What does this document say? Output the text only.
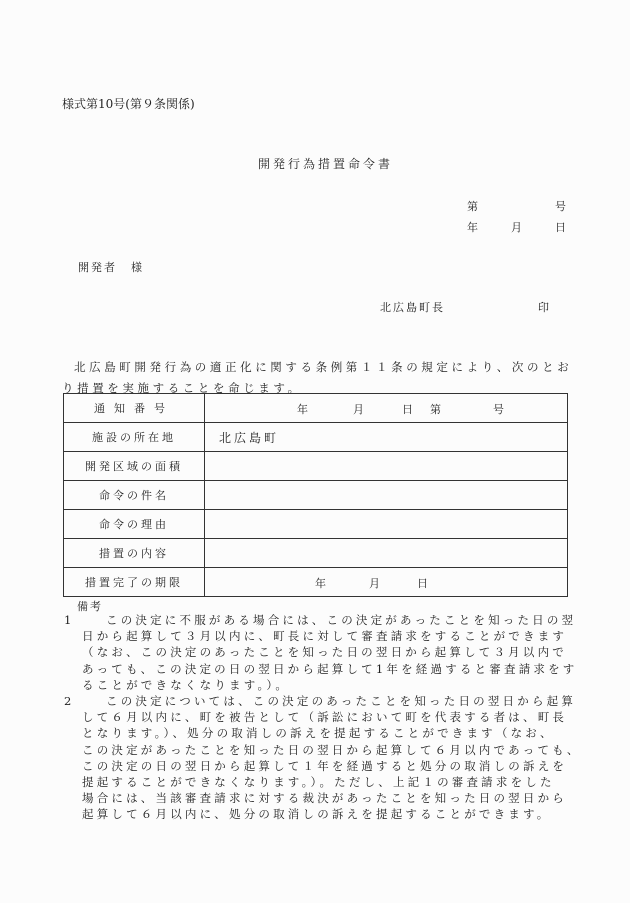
様式第10号(第９条関係)
開発行為措置命令書
第	号
年	月	日
開発者 様
北広島町長	印
北広島町開発行為の適正化に関する条例第１１条の規定により、次のとおり措置を実施することを命じます。
通知番号	年 月 日 第 号

施設の所在地	北広島町
開発区域の面積	
命令の件名	
命令の理由	
措置の内容	
措置完了の期限	年 月 日
備考
1	この決定に不服がある場合には、この決定があったことを知った日の翌
日から起算して３月以内に、町長に対して審査請求をすることができます
（なお、この決定のあったことを知った日の翌日から起算して３月以内で
あっても、この決定の日の翌日から起算して1年を経過すると審査請求をす
ることができなくなります。）。
2	この決定については、この決定のあったことを知った日の翌日から起算
して６月以内に、町を被告として（訴訟において町を代表する者は、町長
となります。）、処分の取消しの訴えを提起することができます（なお、
この決定があったことを知った日の翌日から起算して６月以内であっても、
この決定の日の翌日から起算して１年を経過すると処分の取消しの訴えを
提起することができなくなります。）。ただし、上記１の審査請求をした
場合には、当該審査請求に対する裁決があったことを知った日の翌日から
起算して６月以内に、処分の取消しの訴えを提起することができます。
